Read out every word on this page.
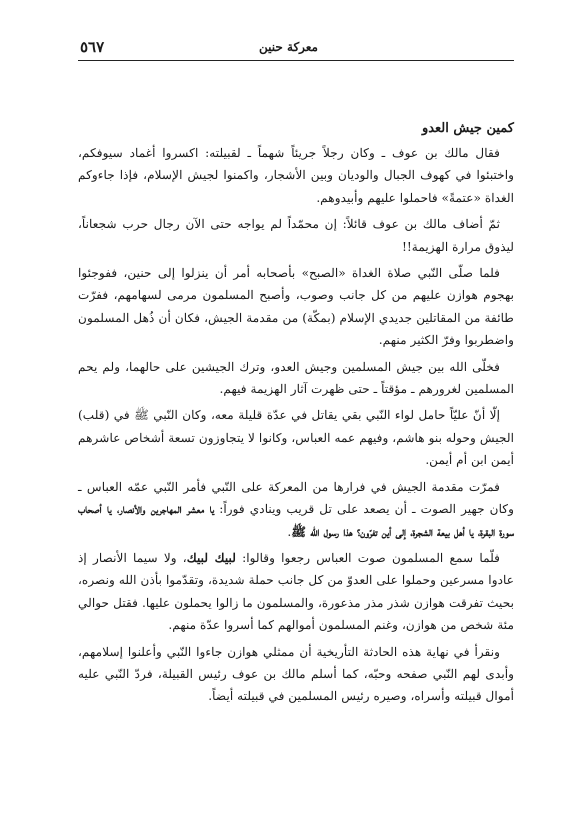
معركة حنين
٥٦٧
كمين جيش العدو

فقال مالك بن عوف ـ وكان رجلاً جريئاً شهماً ـ لقبيلته: اكسروا أغماد سيوفكم، واختبئوا في كهوف الجبال والوديان وبين الأشجار، واكمنوا لجيش الإسلام، فإذا جاءوكم الغداة «عتمةً» فاحملوا عليهم وأبيدوهم.

ثمّ أضاف مالك بن عوف قائلاً: إن محمّداً لم يواجه حتى الآن رجال حرب شجعاناً، ليذوق مرارة الهزيمة!!

فلما صلّى النّبي صلاة الغداة «الصبح» بأصحابه أمر أن ينزلوا إلى حنين، ففوجئوا بهجوم هوازن عليهم من كل جانب وصوب، وأصبح المسلمون مرمى لسهامهم، ففرّت طائفة من المقاتلين جديدي الإسلام (بمكّة) من مقدمة الجيش، فكان أن ذُهل المسلمون واضطربوا وفرّ الكثير منهم.

فخلّى الله بين جيش المسلمين وجيش العدو، وترك الجيشين على حالهما، ولم يحم المسلمين لغرورهم ـ مؤقتاً ـ حتى ظهرت آثار الهزيمة فيهم.

إلّا أنّ عليّاً حامل لواء النّبي بقي يقاتل في عدّة قليلة معه، وكان النّبي ﷺ في (قلب) الجيش وحوله بنو هاشم، وفيهم عمه العباس، وكانوا لا يتجاوزون تسعة أشخاص عاشرهم أيمن ابن أم أيمن.

فمرّت مقدمة الجيش في فرارها من المعركة على النّبي فأمر النّبي عمّه العباس ـ وكان جهير الصوت ـ أن يصعد على تل قريب وينادي فوراً: يا معشر المهاجرين والأنصار، يا أصحاب سورة البقرة، يا أهل بيعة الشجرة، إلى أين تفرّون؟ هذا رسول الله ﷺ.

فلّما سمع المسلمون صوت العباس رجعوا وقالوا: لبيك لبيك، ولا سيما الأنصار إذ عادوا مسرعين وحملوا على العدوّ من كل جانب حملة شديدة، وتقدّموا بأذن الله ونصره، بحيث تفرقت هوازن شذر مذر مذعورة، والمسلمون ما زالوا يحملون عليها. فقتل حوالي مئة شخص من هوازن، وغنم المسلمون أموالهم كما أسروا عدّة منهم.

ونقرأ في نهاية هذه الحادثة التأريخية أن ممثلي هوازن جاءوا النّبي وأعلنوا إسلامهم، وأبدى لهم النّبي صفحه وحبّه، كما أسلم مالك بن عوف رئيس القبيلة، فردّ النّبي عليه أموال قبيلته وأسراه، وصيره رئيس المسلمين في قبيلته أيضاً.
